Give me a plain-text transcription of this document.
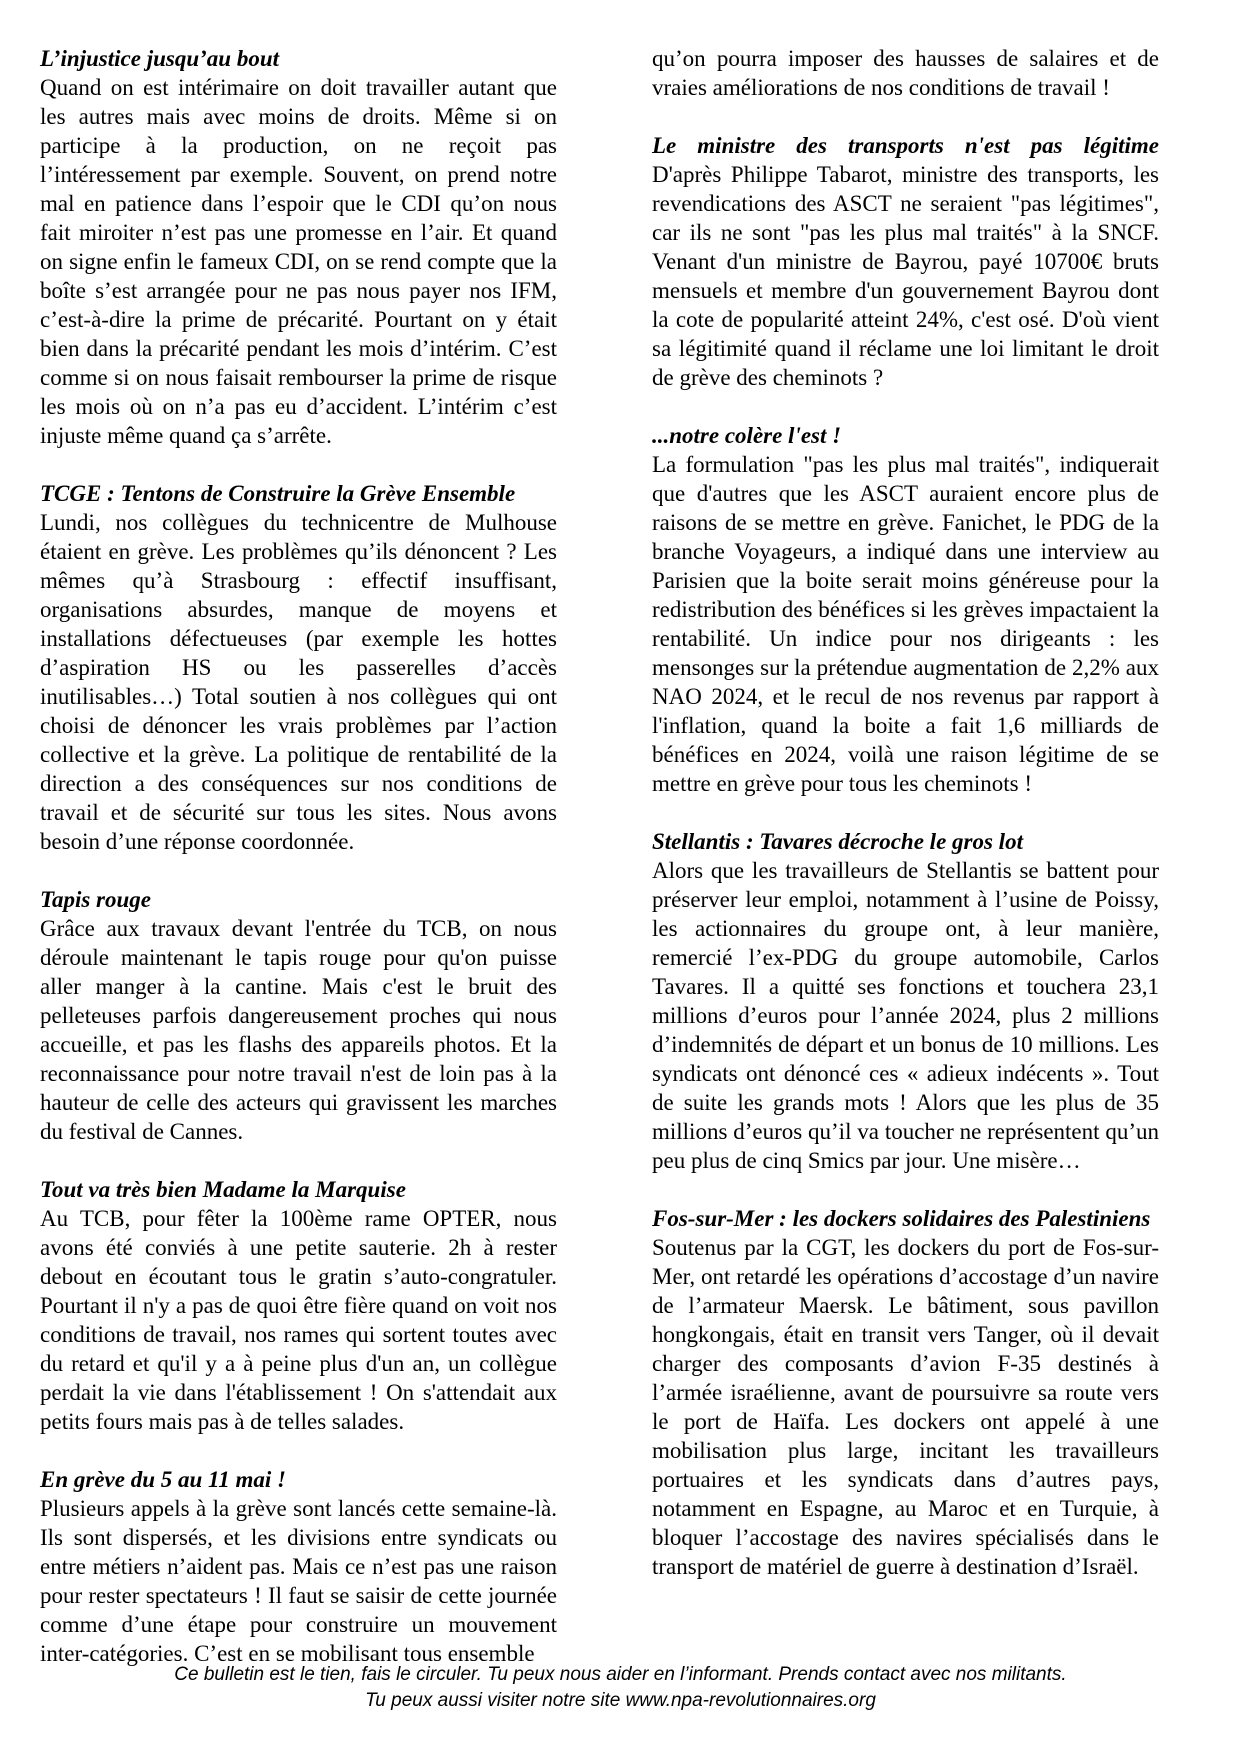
L’injustice jusqu’au bout

Quand on est intérimaire on doit travailler autant que les autres mais avec moins de droits. Même si on participe à la production, on ne reçoit pas l’intéressement par exemple. Souvent, on prend notre mal en patience dans l’espoir que le CDI qu’on nous fait miroiter n’est pas une promesse en l’air. Et quand on signe enfin le fameux CDI, on se rend compte que la boîte s’est arrangée pour ne pas nous payer nos IFM, c’est-à-dire la prime de précarité. Pourtant on y était bien dans la précarité pendant les mois d’intérim. C’est comme si on nous faisait rembourser la prime de risque les mois où on n’a pas eu d’accident. L’intérim c’est injuste même quand ça s’arrête.

TCGE : Tentons de Construire la Grève Ensemble

Lundi, nos collègues du technicentre de Mulhouse étaient en grève. Les problèmes qu’ils dénoncent ? Les mêmes qu’à Strasbourg : effectif insuffisant, organisations absurdes, manque de moyens et installations défectueuses (par exemple les hottes d’aspiration HS ou les passerelles d’accès inutilisables…) Total soutien à nos collègues qui ont choisi de dénoncer les vrais problèmes par l’action collective et la grève. La politique de rentabilité de la direction a des conséquences sur nos conditions de travail et de sécurité sur tous les sites. Nous avons besoin d’une réponse coordonnée.

Tapis rouge

Grâce aux travaux devant l'entrée du TCB, on nous déroule maintenant le tapis rouge pour qu'on puisse aller manger à la cantine. Mais c'est le bruit des pelleteuses parfois dangereusement proches qui nous accueille, et pas les flashs des appareils photos. Et la reconnaissance pour notre travail n'est de loin pas à la hauteur de celle des acteurs qui gravissent les marches du festival de Cannes.

Tout va très bien Madame la Marquise

Au TCB, pour fêter la 100ème rame OPTER, nous avons été conviés à une petite sauterie. 2h à rester debout en écoutant tous le gratin s’auto-congratuler. Pourtant il n'y a pas de quoi être fière quand on voit nos conditions de travail, nos rames qui sortent toutes avec du retard et qu'il y a à peine plus d'un an, un collègue perdait la vie dans l'établissement ! On s'attendait aux petits fours mais pas à de telles salades.

En grève du 5 au 11 mai !

Plusieurs appels à la grève sont lancés cette semaine-là. Ils sont dispersés, et les divisions entre syndicats ou entre métiers n’aident pas. Mais ce n’est pas une raison pour rester spectateurs ! Il faut se saisir de cette journée comme d’une étape pour construire un mouvement inter-catégories. C’est en se mobilisant tous ensemble

qu’on pourra imposer des hausses de salaires et de vraies améliorations de nos conditions de travail !

Le ministre des transports n'est pas légitime

D'après Philippe Tabarot, ministre des transports, les revendications des ASCT ne seraient "pas légitimes", car ils ne sont "pas les plus mal traités" à la SNCF. Venant d'un ministre de Bayrou, payé 10700€ bruts mensuels et membre d'un gouvernement Bayrou dont la cote de popularité atteint 24%, c'est osé. D'où vient sa légitimité quand il réclame une loi limitant le droit de grève des cheminots ?

...notre colère l'est !

La formulation "pas les plus mal traités", indiquerait que d'autres que les ASCT auraient encore plus de raisons de se mettre en grève. Fanichet, le PDG de la branche Voyageurs, a indiqué dans une interview au Parisien que la boite serait moins généreuse pour la redistribution des bénéfices si les grèves impactaient la rentabilité. Un indice pour nos dirigeants : les mensonges sur la prétendue augmentation de 2,2% aux NAO 2024, et le recul de nos revenus par rapport à l'inflation, quand la boite a fait 1,6 milliards de bénéfices en 2024, voilà une raison légitime de se mettre en grève pour tous les cheminots !

Stellantis : Tavares décroche le gros lot

Alors que les travailleurs de Stellantis se battent pour préserver leur emploi, notamment à l’usine de Poissy, les actionnaires du groupe ont, à leur manière, remercié l’ex-PDG du groupe automobile, Carlos Tavares. Il a quitté ses fonctions et touchera 23,1 millions d’euros pour l’année 2024, plus 2 millions d’indemnités de départ et un bonus de 10 millions. Les syndicats ont dénoncé ces « adieux indécents ». Tout de suite les grands mots ! Alors que les plus de 35 millions d’euros qu’il va toucher ne représentent qu’un peu plus de cinq Smics par jour. Une misère…

Fos-sur-Mer : les dockers solidaires des Palestiniens

Soutenus par la CGT, les dockers du port de Fos-sur-Mer, ont retardé les opérations d’accostage d’un navire de l’armateur Maersk. Le bâtiment, sous pavillon hongkongais, était en transit vers Tanger, où il devait charger des composants d’avion F-35 destinés à l’armée israélienne, avant de poursuivre sa route vers le port de Haïfa. Les dockers ont appelé à une mobilisation plus large, incitant les travailleurs portuaires et les syndicats dans d’autres pays, notamment en Espagne, au Maroc et en Turquie, à bloquer l’accostage des navires spécialisés dans le transport de matériel de guerre à destination d’Israël.

Ce bulletin est le tien, fais le circuler. Tu peux nous aider en l’informant. Prends contact avec nos militants.
Tu peux aussi visiter notre site www.npa-revolutionnaires.org
